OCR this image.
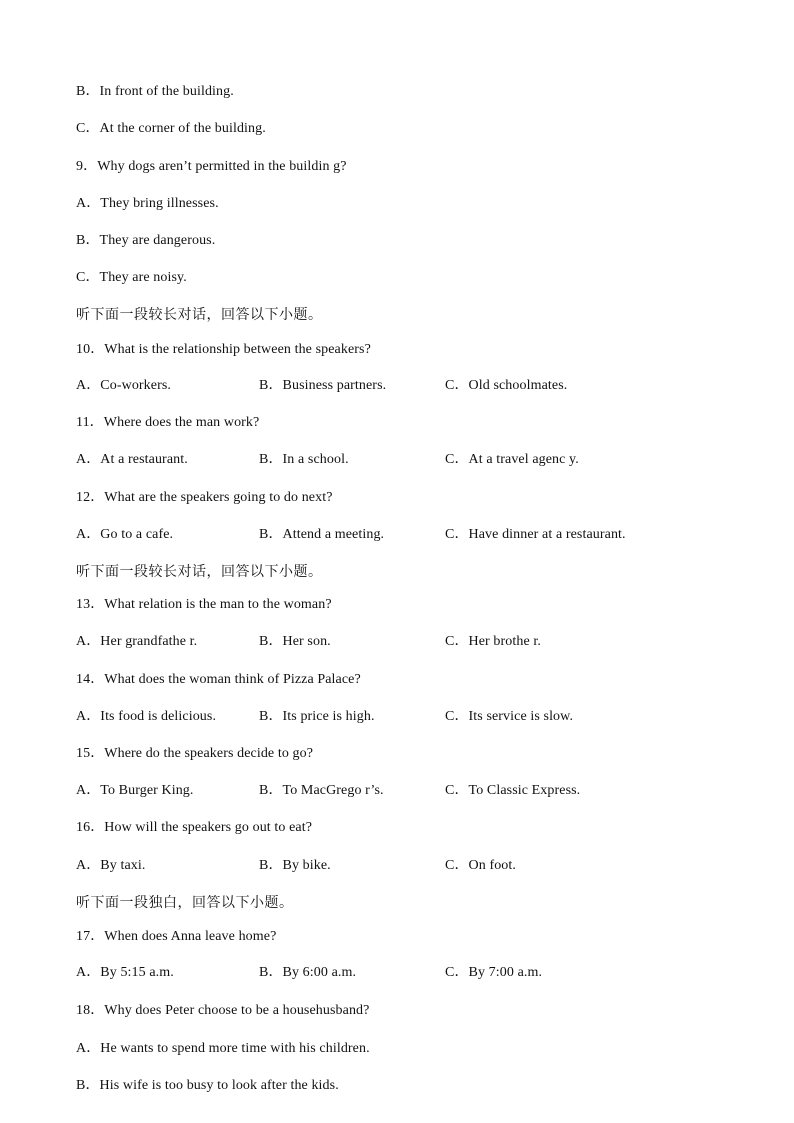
B．In front of the building.
C．At the corner of the building.
9．Why dogs aren’t permitted in the buildin g?
A．They bring illnesses.
B．They are dangerous.
C．They are noisy.
听下面一段较长对话，回答以下小题。
10．What is the relationship between the speakers?
A．Co-workers.	B．Business partners.	C．Old schoolmates.
11．Where does the man work?
A．At a restaurant.	B．In a school.	C．At a travel agenc y.
12．What are the speakers going to do next?
A．Go to a cafe.	B．Attend a meeting.	C．Have dinner at a restaurant.
听下面一段较长对话，回答以下小题。
13．What relation is the man to the woman?
A．Her grandfathe r.	B．Her son.	C．Her brothe r.
14．What does the woman think of Pizza Palace?
A．Its food is delicious.	B．Its price is high.	C．Its service is slow.
15．Where do the speakers decide to go?
A．To Burger King.	B．To MacGrego r’s.	C．To Classic Express.
16．How will the speakers go out to eat?
A．By taxi.	B．By bike.	C．On foot.
听下面一段独白，回答以下小题。
17．When does Anna leave home?
A．By 5:15 a.m.	B．By 6:00 a.m.	C．By 7:00 a.m.
18．Why does Peter choose to be a househusband?
A．He wants to spend more time with his children.
B．His wife is too busy to look after the kids.
